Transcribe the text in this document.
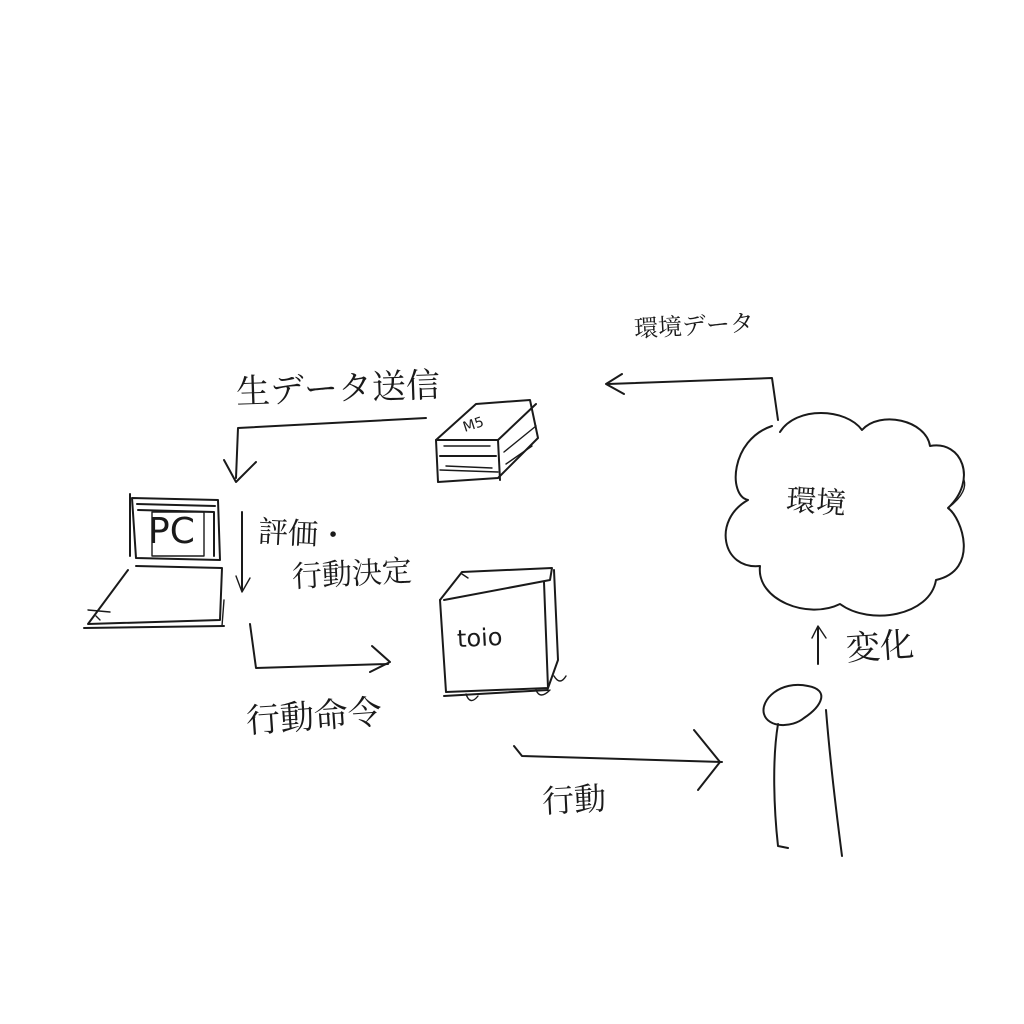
PC
toio
M5
生データ送信
評価・
行動決定
行動命令
行動
環境データ
環境
変化
